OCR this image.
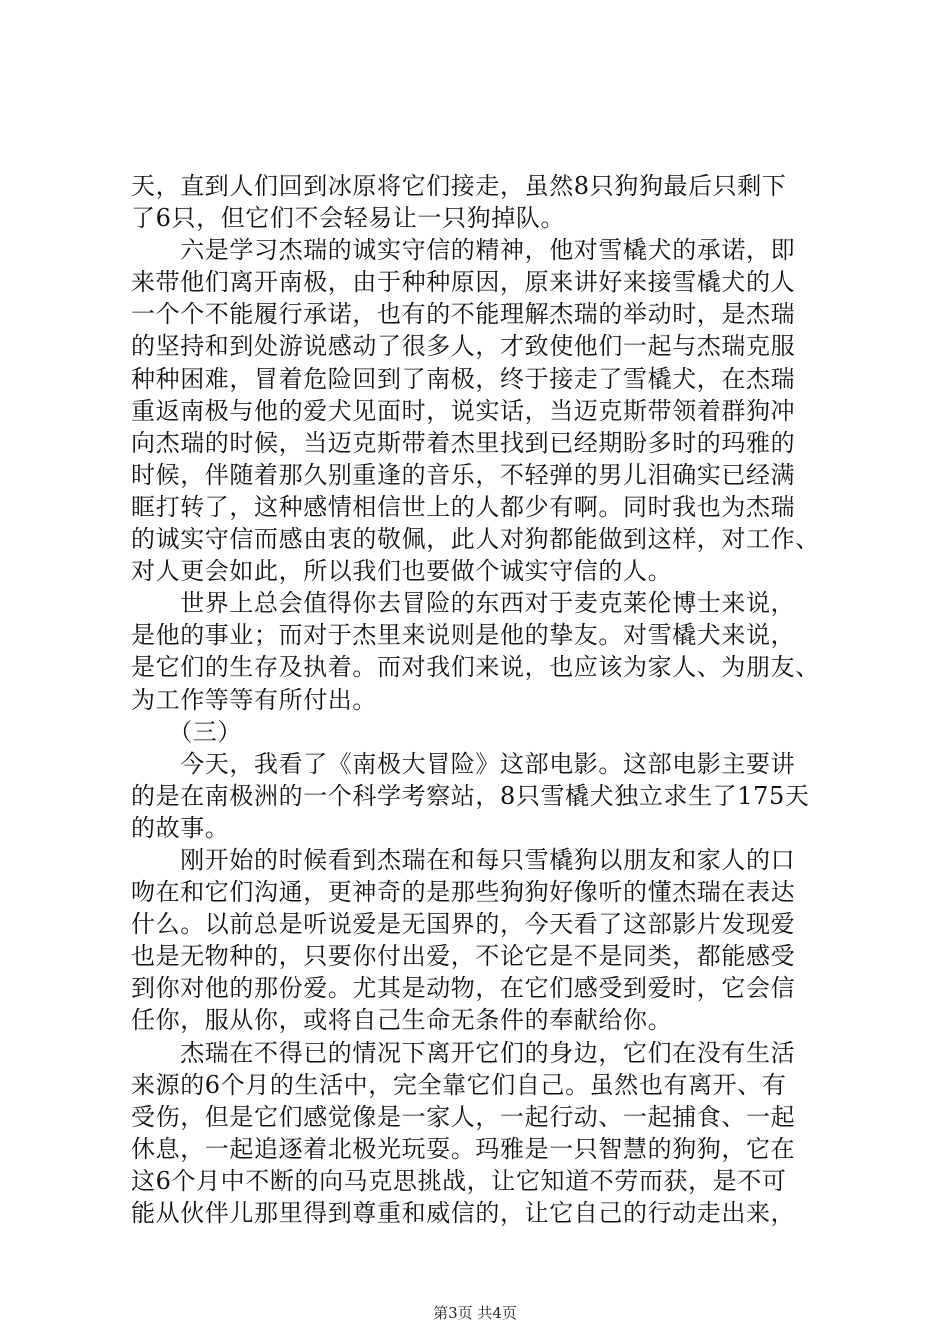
天，直到人们回到冰原将它们接走，虽然8只狗狗最后只剩下
了6只，但它们不会轻易让一只狗掉队。
　　六是学习杰瑞的诚实守信的精神，他对雪橇犬的承诺，即
来带他们离开南极，由于种种原因，原来讲好来接雪橇犬的人
一个个不能履行承诺，也有的不能理解杰瑞的举动时，是杰瑞
的坚持和到处游说感动了很多人，才致使他们一起与杰瑞克服
种种困难，冒着危险回到了南极，终于接走了雪橇犬，在杰瑞
重返南极与他的爱犬见面时，说实话，当迈克斯带领着群狗冲
向杰瑞的时候，当迈克斯带着杰里找到已经期盼多时的玛雅的
时候，伴随着那久别重逢的音乐，不轻弹的男儿泪确实已经满
眶打转了，这种感情相信世上的人都少有啊。同时我也为杰瑞
的诚实守信而感由衷的敬佩，此人对狗都能做到这样，对工作、
对人更会如此，所以我们也要做个诚实守信的人。
　　世界上总会值得你去冒险的东西对于麦克莱伦博士来说，
是他的事业；而对于杰里来说则是他的挚友。对雪橇犬来说，
是它们的生存及执着。而对我们来说，也应该为家人、为朋友、
为工作等等有所付出。
　　（三）
　　今天，我看了《南极大冒险》这部电影。这部电影主要讲
的是在南极洲的一个科学考察站，8只雪橇犬独立求生了175天
的故事。
　　刚开始的时候看到杰瑞在和每只雪橇狗以朋友和家人的口
吻在和它们沟通，更神奇的是那些狗狗好像听的懂杰瑞在表达
什么。以前总是听说爱是无国界的，今天看了这部影片发现爱
也是无物种的，只要你付出爱，不论它是不是同类，都能感受
到你对他的那份爱。尤其是动物，在它们感受到爱时，它会信
任你，服从你，或将自己生命无条件的奉献给你。
　　杰瑞在不得已的情况下离开它们的身边，它们在没有生活
来源的6个月的生活中，完全靠它们自己。虽然也有离开、有
受伤，但是它们感觉像是一家人，一起行动、一起捕食、一起
休息，一起追逐着北极光玩耍。玛雅是一只智慧的狗狗，它在
这6个月中不断的向马克思挑战，让它知道不劳而获，是不可
能从伙伴儿那里得到尊重和威信的，让它自己的行动走出来，
第3页 共4页
